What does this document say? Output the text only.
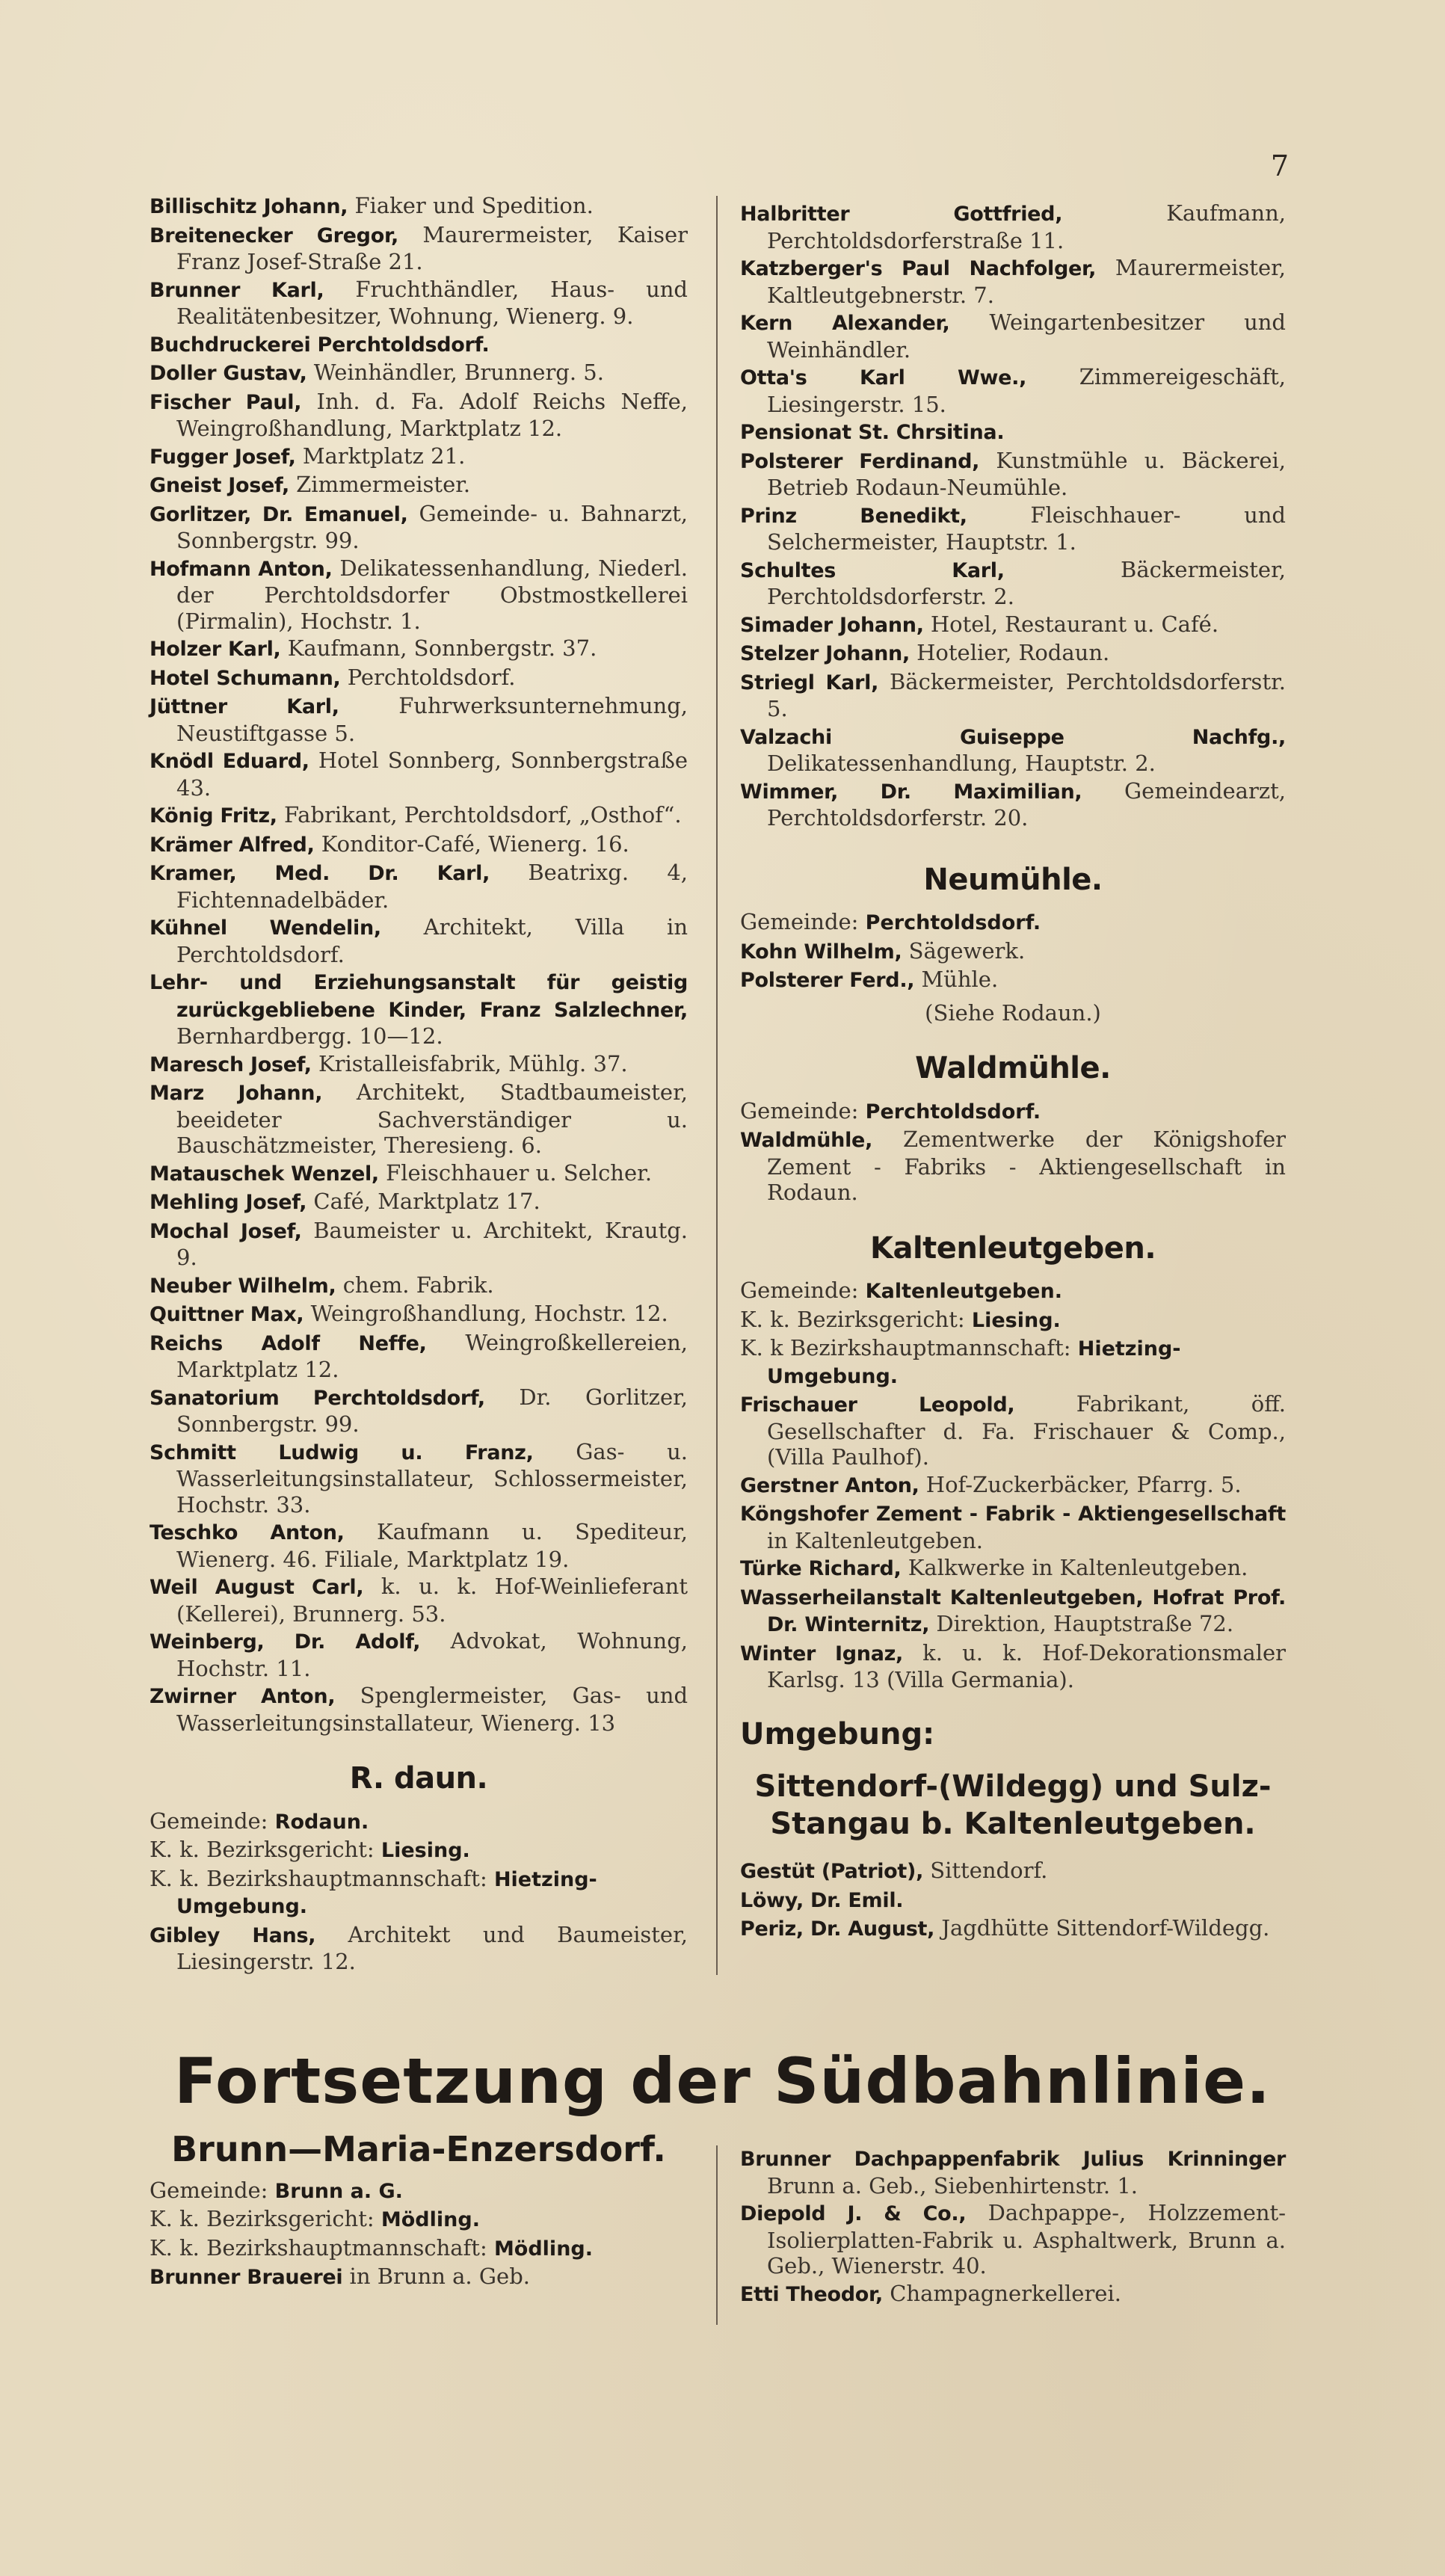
7
Billischitz Johann, Fiaker und Spedition.
Breitenecker Gregor, Maurermeister, Kaiser Franz Josef-Straße 21.
Brunner Karl, Fruchthändler, Haus- und Realitätenbesitzer, Wohnung, Wienerg. 9.
Buchdruckerei Perchtoldsdorf.
Doller Gustav, Weinhändler, Brunnerg. 5.
Fischer Paul, Inh. d. Fa. Adolf Reichs Neffe, Weingroßhandlung, Marktplatz 12.
Fugger Josef, Marktplatz 21.
Gneist Josef, Zimmermeister.
Gorlitzer, Dr. Emanuel, Gemeinde- u. Bahnarzt, Sonnbergstr. 99.
Hofmann Anton, Delikatessenhandlung, Niederl. der Perchtoldsdorfer Obstmostkellerei (Pirmalin), Hochstr. 1.
Holzer Karl, Kaufmann, Sonnbergstr. 37.
Hotel Schumann, Perchtoldsdorf.
Jüttner Karl,	Fuhrwerksunternehmung, Neustiftgasse 5.
Knödl Eduard, Hotel Sonnberg, Sonnbergstraße 43.
König Fritz, Fabrikant, Perchtoldsdorf, „Osthof“.
Krämer Alfred, Konditor-Café, Wienerg. 16.
Kramer, Med. Dr. Karl, Beatrixg. 4, Fichtennadelbäder.
Kühnel Wendelin, Architekt, Villa in Perchtoldsdorf.
Lehr- und Erziehungsanstalt für geistig zurückgebliebene Kinder, Franz Salzlechner, Bernhardbergg. 10—12.
Maresch Josef, Kristalleisfabrik, Mühlg. 37.
Marz Johann, Architekt, Stadtbaumeister, beeideter Sachverständiger u. Bauschätzmeister, Theresieng. 6.
Matauschek Wenzel, Fleischhauer u. Selcher.
Mehling Josef, Café, Marktplatz 17.
Mochal Josef, Baumeister u. Architekt, Krautg. 9.
Neuber Wilhelm, chem. Fabrik.
Quittner Max, Weingroßhandlung, Hochstr. 12.
Reichs Adolf Neffe, Weingroßkellereien, Marktplatz 12.
Sanatorium Perchtoldsdorf, Dr. Gorlitzer, Sonnbergstr. 99.
Schmitt Ludwig u. Franz, Gas- u. Wasserleitungsinstallateur, Schlossermeister, Hochstr. 33.
Teschko Anton, Kaufmann u. Spediteur, Wienerg. 46. Filiale, Marktplatz 19.
Weil August Carl, k. u. k. Hof-Weinlieferant (Kellerei), Brunnerg. 53.
Weinberg, Dr. Adolf, Advokat, Wohnung, Hochstr. 11.
Zwirner Anton, Spenglermeister, Gas- und Wasserleitungsinstallateur, Wienerg. 13
R. daun.
Gemeinde: Rodaun.
K. k. Bezirksgericht: Liesing.
K. k. Bezirkshauptmannschaft: Hietzing-Umgebung.
Gibley Hans, Architekt und Baumeister, Liesingerstr. 12.
Halbritter Gottfried,	Kaufmann, Perchtoldsdorferstraße 11.
Katzberger's Paul Nachfolger, Maurermeister, Kaltleutgebnerstr. 7.
Kern Alexander, Weingartenbesitzer und Weinhändler.
Otta's Karl Wwe., Zimmereigeschäft, Liesingerstr. 15.
Pensionat St. Chrsitina.
Polsterer Ferdinand, Kunstmühle u. Bäckerei, Betrieb Rodaun-Neumühle.
Prinz Benedikt,	Fleischhauer- und Selchermeister, Hauptstr. 1.
Schultes Karl,	Bäckermeister, Perchtoldsdorferstr. 2.
Simader Johann, Hotel, Restaurant u. Café.
Stelzer Johann, Hotelier, Rodaun.
Striegl Karl, Bäckermeister, Perchtoldsdorferstr. 5.
Valzachi Guiseppe Nachfg., Delikatessenhandlung, Hauptstr. 2.
Wimmer, Dr. Maximilian, Gemeindearzt, Perchtoldsdorferstr. 20.
Neumühle.
Gemeinde: Perchtoldsdorf.
Kohn Wilhelm, Sägewerk.
Polsterer Ferd., Mühle.
(Siehe Rodaun.)
Waldmühle.
Gemeinde: Perchtoldsdorf.
Waldmühle, Zementwerke der Königshofer Zement - Fabriks - Aktiengesellschaft in Rodaun.
Kaltenleutgeben.
Gemeinde: Kaltenleutgeben.
K. k. Bezirksgericht: Liesing.
K. k Bezirkshauptmannschaft: Hietzing-Umgebung.
Frischauer Leopold,	Fabrikant, öff. Gesellschafter d. Fa. Frischauer & Comp., (Villa Paulhof).
Gerstner Anton, Hof-Zuckerbäcker, Pfarrg. 5.
Köngshofer Zement - Fabrik - Aktiengesellschaft in Kaltenleutgeben.
Türke Richard, Kalkwerke in Kaltenleutgeben.
Wasserheilanstalt Kaltenleutgeben, Hofrat Prof. Dr. Winternitz, Direktion, Hauptstraße 72.
Winter Ignaz, k. u. k. Hof-Dekorationsmaler Karlsg. 13 (Villa Germania).
Umgebung:
Sittendorf-(Wildegg) und Sulz-Stangau b. Kaltenleutgeben.
Gestüt (Patriot), Sittendorf.
Löwy, Dr. Emil.
Periz, Dr. August, Jagdhütte Sittendorf-Wildegg.
Fortsetzung der Südbahnlinie.
Brunn—Maria-Enzersdorf.
Gemeinde: Brunn a. G.
K. k. Bezirksgericht: Mödling.
K. k. Bezirkshauptmannschaft: Mödling.
Brunner Brauerei in Brunn a. Geb.
Brunner Dachpappenfabrik Julius Krinninger Brunn a. Geb., Siebenhirtenstr. 1.
Diepold J. & Co., Dachpappe-, Holzzement-Isolierplatten-Fabrik u. Asphaltwerk, Brunn a. Geb., Wienerstr. 40.
Etti Theodor, Champagnerkellerei.
